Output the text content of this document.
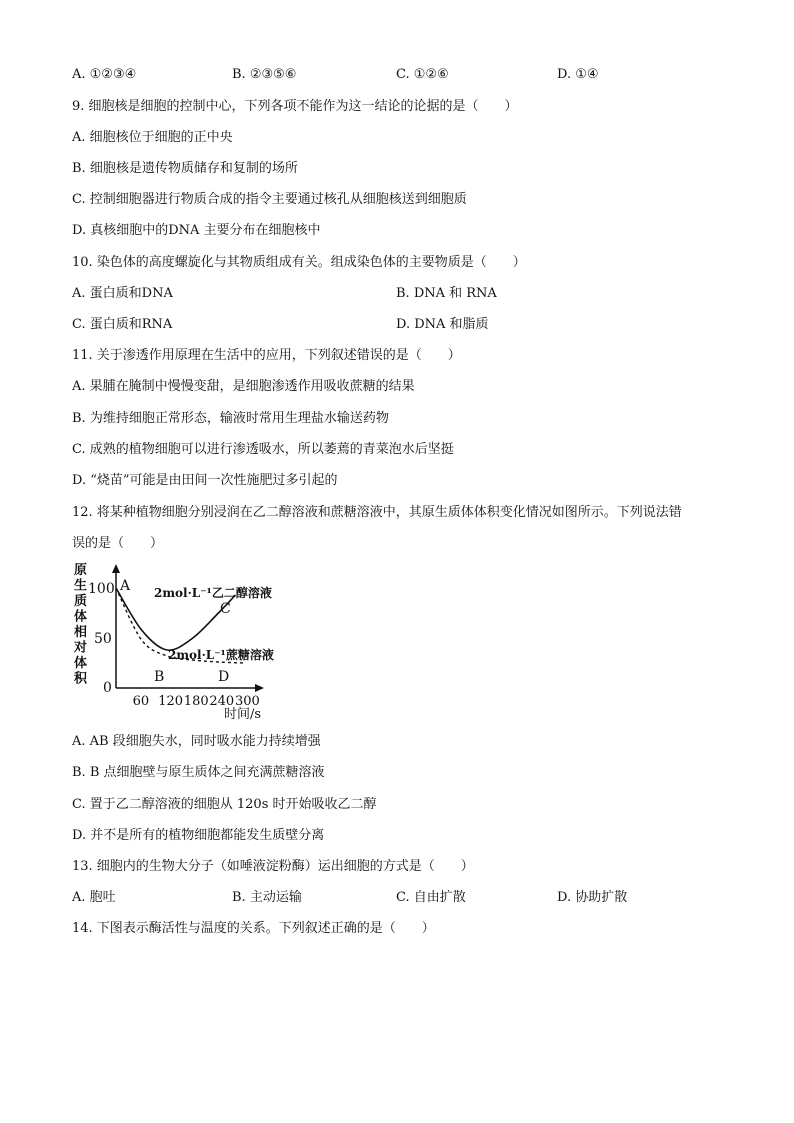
A. ①②③④	B. ②③⑤⑥	C. ①②⑥	D. ①④
9. 细胞核是细胞的控制中心，下列各项不能作为这一结论的论据的是（　　）
A. 细胞核位于细胞的正中央
B. 细胞核是遗传物质储存和复制的场所
C. 控制细胞器进行物质合成的指令主要通过核孔从细胞核送到细胞质
D. 真核细胞中的DNA 主要分布在细胞核中
10. 染色体的高度螺旋化与其物质组成有关。组成染色体的主要物质是（　　）
A. 蛋白质和DNA	B. DNA 和 RNA
C. 蛋白质和RNA	D. DNA 和脂质
11. 关于渗透作用原理在生活中的应用，下列叙述错误的是（　　）
A. 果脯在腌制中慢慢变甜，是细胞渗透作用吸收蔗糖的结果
B. 为维持细胞正常形态，输液时常用生理盐水输送药物
C. 成熟的植物细胞可以进行渗透吸水，所以萎蔫的青菜泡水后坚挺
D. “烧苗”可能是由田间一次性施肥过多引起的
12. 将某种植物细胞分别浸润在乙二醇溶液和蔗糖溶液中，其原生质体体积变化情况如图所示。下列说法错
误的是（　　）
原
生
质
体
相
对
体
积
60 120 180 240 300
50
100
0
时间/s
2mol·L⁻¹乙二醇溶液
2mol·L⁻¹蔗糖溶液
A
B
C
D
A. AB 段细胞失水，同时吸水能力持续增强
B. B 点细胞壁与原生质体之间充满蔗糖溶液
C. 置于乙二醇溶液的细胞从 120s 时开始吸收乙二醇
D. 并不是所有的植物细胞都能发生质壁分离
13. 细胞内的生物大分子（如唾液淀粉酶）运出细胞的方式是（　　）
A. 胞吐	B. 主动运输	C. 自由扩散	D. 协助扩散
14. 下图表示酶活性与温度的关系。下列叙述正确的是（　　）
